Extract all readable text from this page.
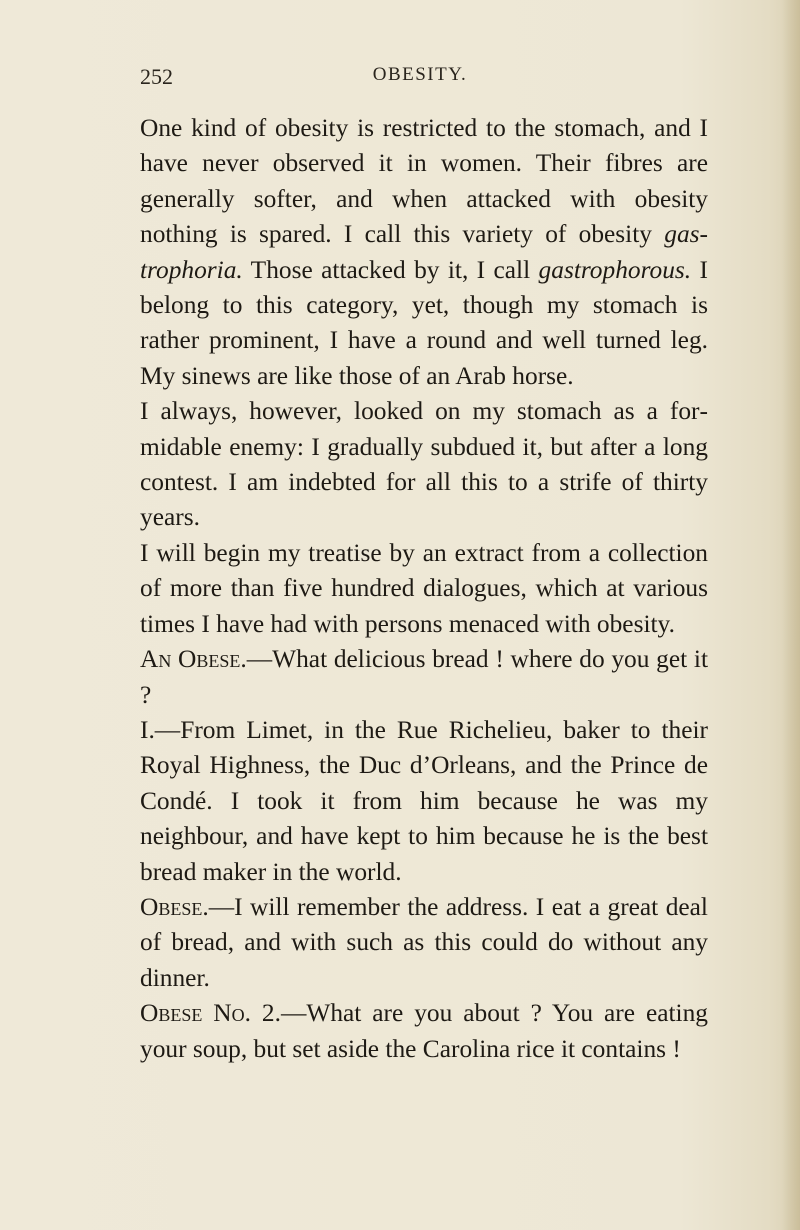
252	OBESITY.

One kind of obesity is restricted to the stomach, and I have never observed it in women. Their fibres are generally softer, and when attacked with obesity nothing is spared. I call this variety of obesity gastrophoria. Those attacked by it, I call gastrophorous. I belong to this category, yet, though my stomach is rather prominent, I have a round and well turned leg. My sinews are like those of an Arab horse.

I always, however, looked on my stomach as a formidable enemy: I gradually subdued it, but after a long contest. I am indebted for all this to a strife of thirty years.

I will begin my treatise by an extract from a collection of more than five hundred dialogues, which at various times I have had with persons menaced with obesity.

An Obese.—What delicious bread ! where do you get it ?

I.—From Limet, in the Rue Richelieu, baker to their Royal Highness, the Duc d’Orleans, and the Prince de Condé. I took it from him because he was my neighbour, and have kept to him because he is the best bread maker in the world.

Obese.—I will remember the address. I eat a great deal of bread, and with such as this could do without any dinner.

Obese No. 2.—What are you about ? You are eating your soup, but set aside the Carolina rice it contains !
